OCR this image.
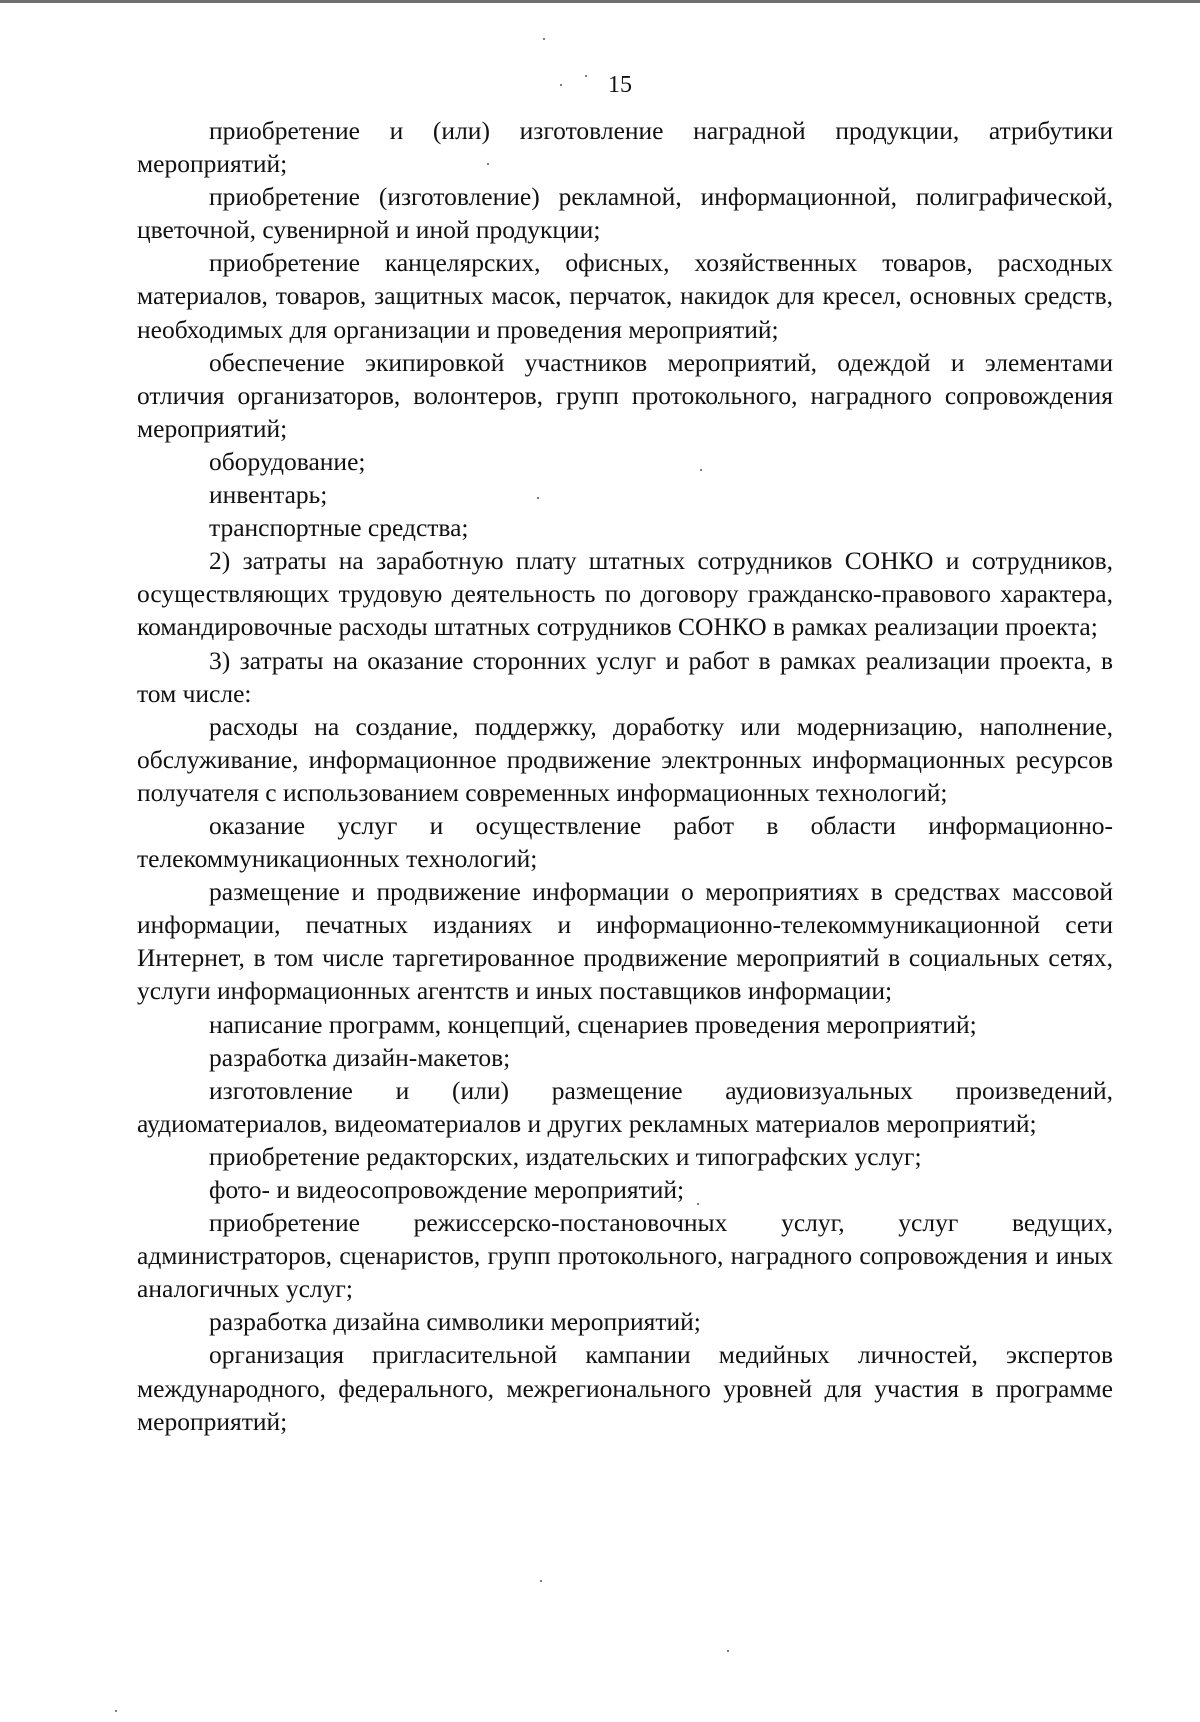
15

приобретение и (или) изготовление наградной продукции, атрибутики мероприятий;

приобретение (изготовление) рекламной, информационной, полиграфической, цветочной, сувенирной и иной продукции;

приобретение канцелярских, офисных, хозяйственных товаров, расходных материалов, товаров, защитных масок, перчаток, накидок для кресел, основных средств, необходимых для организации и проведения мероприятий;

обеспечение экипировкой участников мероприятий, одеждой и элементами отличия организаторов, волонтеров, групп протокольного, наградного сопровождения мероприятий;

оборудование;

инвентарь;

транспортные средства;

2) затраты на заработную плату штатных сотрудников СОНКО и сотрудников, осуществляющих трудовую деятельность по договору гражданско-правового характера, командировочные расходы штатных сотрудников СОНКО в рамках реализации проекта;

3) затраты на оказание сторонних услуг и работ в рамках реализации проекта, в том числе:

расходы на создание, поддержку, доработку или модернизацию, наполнение, обслуживание, информационное продвижение электронных информационных ресурсов получателя с использованием современных информационных технологий;

оказание услуг и осуществление работ в области информационно-телекоммуникационных технологий;

размещение и продвижение информации о мероприятиях в средствах массовой информации, печатных изданиях и информационно-телекоммуникационной сети Интернет, в том числе таргетированное продвижение мероприятий в социальных сетях, услуги информационных агентств и иных поставщиков информации;

написание программ, концепций, сценариев проведения мероприятий;

разработка дизайн-макетов;

изготовление и (или) размещение аудиовизуальных произведений, аудиоматериалов, видеоматериалов и других рекламных материалов мероприятий;

приобретение редакторских, издательских и типографских услуг;

фото- и видеосопровождение мероприятий;

приобретение режиссерско-постановочных услуг, услуг ведущих, администраторов, сценаристов, групп протокольного, наградного сопровождения и иных аналогичных услуг;

разработка дизайна символики мероприятий;

организация пригласительной кампании медийных личностей, экспертов международного, федерального, межрегионального уровней для участия в программе мероприятий;
